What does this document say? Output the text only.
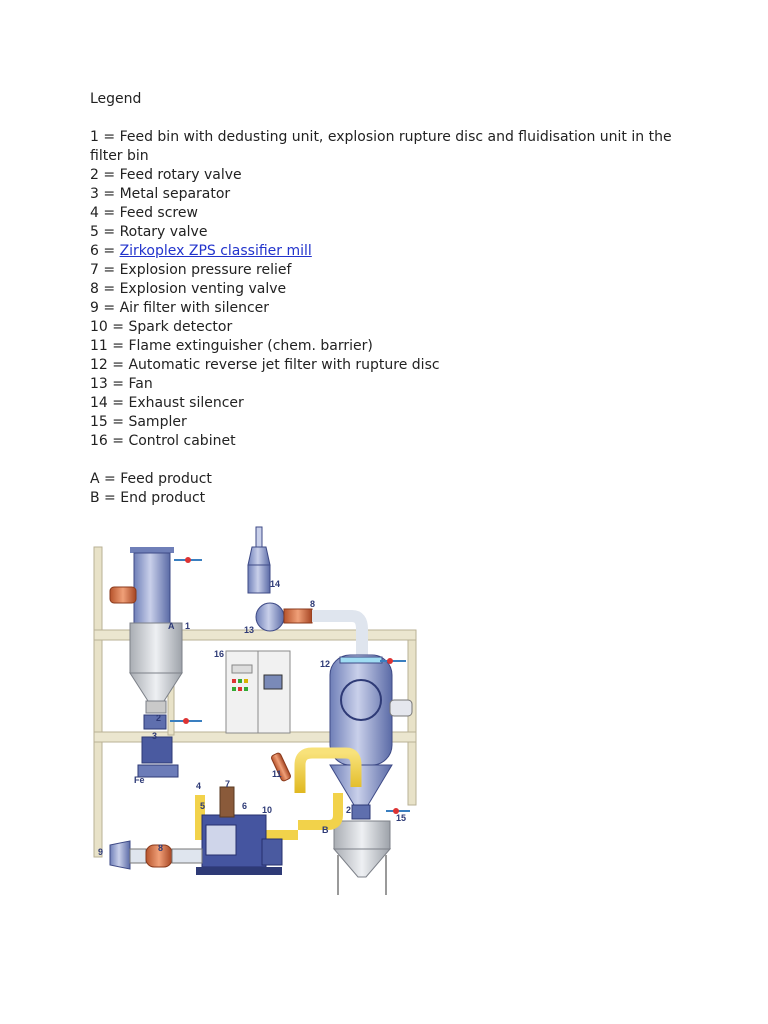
Legend
1 = Feed bin with dedusting unit, explosion rupture disc and fluidisation unit in the filter bin
2 = Feed rotary valve
3 = Metal separator
4 = Feed screw
5 = Rotary valve
6 = Zirkoplex ZPS classifier mill
7 = Explosion pressure relief
8 = Explosion venting valve
9 = Air filter with silencer
10 = Spark detector
11 = Flame extinguisher (chem. barrier)
12 = Automatic reverse jet filter with rupture disc
13 = Fan
14 = Exhaust silencer
15 = Sampler
16 = Control cabinet
A = Feed product
B = End product
1
A
3
Fe
4
5
7
6
8
9
10
11
12
13
14
8
15
16
2
2
B
